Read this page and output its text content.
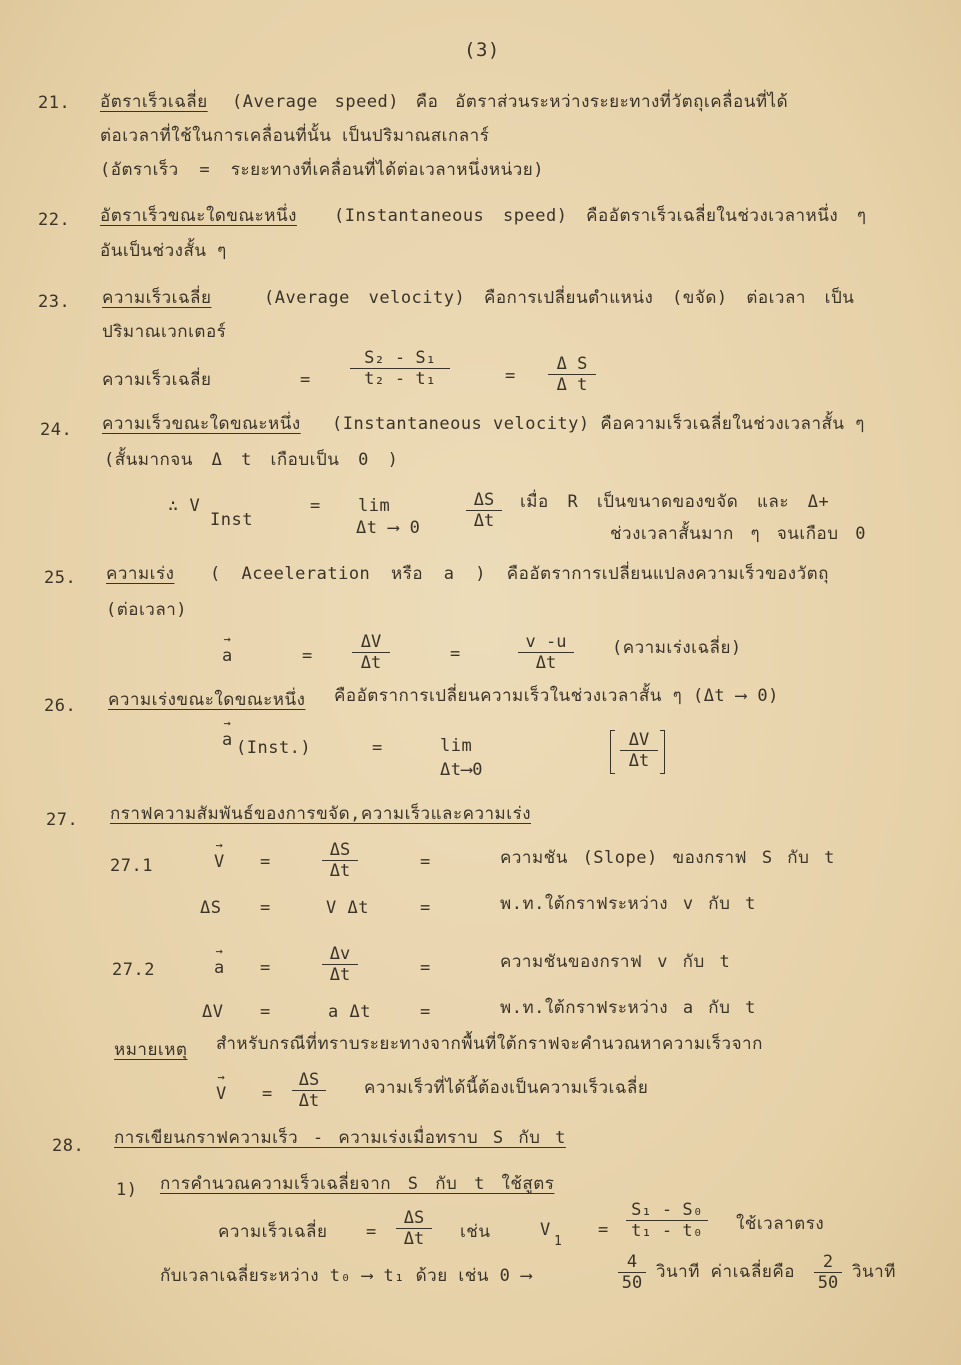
(3)
21. อัตราเร็วเฉลี่ย (Average speed) คือ อัตราส่วนระหว่างระยะทางที่วัตถุเคลื่อนที่ได้
ต่อเวลาที่ใช้ในการเคลื่อนที่นั้น เป็นปริมาณสเกลาร์
(อัตราเร็ว = ระยะทางที่เคลื่อนที่ได้ต่อเวลาหนึ่งหน่วย)
22. อัตราเร็วขณะใดขณะหนึ่ง (Instantaneous speed) คืออัตราเร็วเฉลี่ยในช่วงเวลาหนึ่ง ๆ
อันเป็นช่วงสั้น ๆ
23. ความเร็วเฉลี่ย	(Average velocity) คือการเปลี่ยนตำแหน่ง (ขจัด) ต่อเวลา เป็น
ปริมาณเวกเตอร์
ความเร็วเฉลี่ย	= $\frac{\text{S₂ - S₁}}{\text{t₂ - t₁}}$	= $\frac{\text{Δ S}}{\text{Δ t}}$
24. ความเร็วขณะใดขณะหนึ่ง (Instantaneous velocity) คือความเร็วเฉลี่ยในช่วงเวลาสั้น ๆ
(สั้นมากจน Δ t เกือบเป็น 0 )
∴ V
Inst
= lim
Δt ⟶ 0	$\frac{\Delta S}{\Delta t}$ เมื่อ R เป็นขนาดของขจัด และ Δ+
ช่วงเวลาสั้นมาก ๆ จนเกือบ 0
25. ความเร่ง ( Aceeleration หรือ a ) คืออัตราการเปลี่ยนแปลงความเร็วของวัตถุ
(ต่อเวลา)
→ a	= $\frac{\Delta V}{\Delta t}$	=	$\frac{v -u}{\Delta t}$ (ความเร่งเฉลี่ย)
26. ความเร่งขณะใดขณะหนึ่ง คืออัตราการเปลี่ยนความเร็วในช่วงเวลาสั้น ๆ (Δt ⟶ 0)
→ a (Inst.)	=	lim
Δt⟶0	$\frac{\Delta V}{\Delta t}$
27. กราฟความสัมพันธ์ของการขจัด,ความเร็วและความเร่ง
27.1	→ V =	$\frac{\Delta S}{\Delta t}$	=	ความชัน (Slope) ของกราฟ S กับ t
ΔS =	V Δt	=	พ.ท.ใต้กราฟระหว่าง v กับ t
27.2	→ a =	$\frac{\Delta v}{\Delta t}$	=	ความชันของกราฟ v กับ t
ΔV =	a Δt	=	พ.ท.ใต้กราฟระหว่าง a กับ t
หมายเหตุ สำหรับกรณีที่ทราบระยะทางจากพื้นที่ใต้กราฟจะคำนวณหาความเร็วจาก
→ $V = \frac{\Delta S}{\Delta t}$ ความเร็วที่ได้นี้ต้องเป็นความเร็วเฉลี่ย
28. การเขียนกราฟความเร็ว - ความเร่งเมื่อทราบ S กับ t
1) การคำนวณความเร็วเฉลี่ยจาก S กับ t ใช้สูตร
ความเร็วเฉลี่ย = $\frac{\Delta S}{\Delta t}$ เช่น	V
1
= $\frac{\text{S₁ - S₀}}{\text{t₁ - t₀}}$ ใช้เวลาตรง
กับเวลาเฉลี่ยระหว่าง t₀ ⟶ t₁ ด้วย เช่น 0 ⟶	$\frac{4}{50}$ วินาที ค่าเฉลี่ยคือ $\frac{2}{50}$ วินาที
